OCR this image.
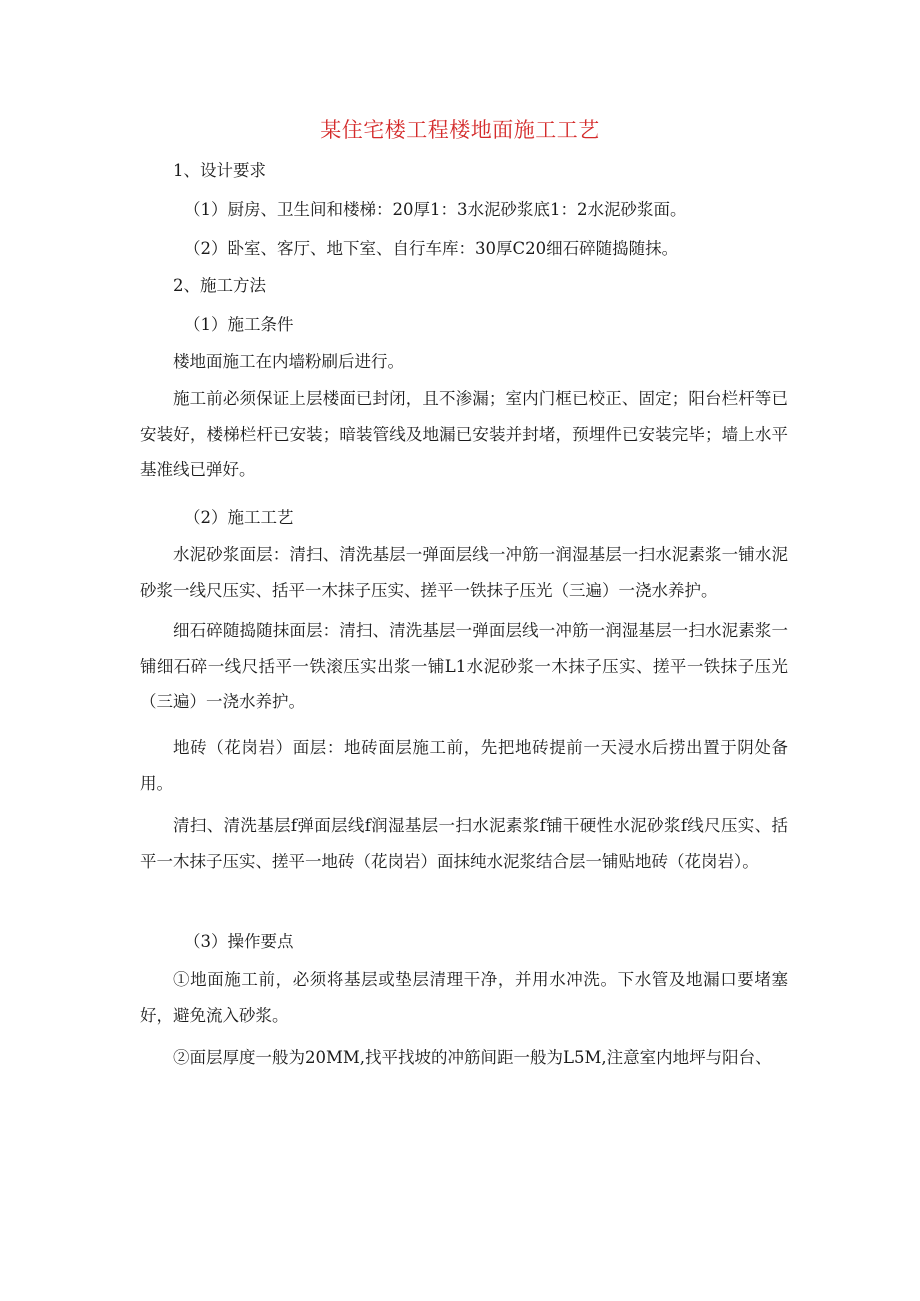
某住宅楼工程楼地面施工工艺

1、设计要求

（1）厨房、卫生间和楼梯：20厚1：3水泥砂浆底1：2水泥砂浆面。

（2）卧室、客厅、地下室、自行车库：30厚C20细石碎随捣随抹。

2、施工方法

（1）施工条件

楼地面施工在内墙粉刷后进行。

施工前必须保证上层楼面已封闭，且不渗漏；室内门框已校正、固定；阳台栏杆等已安装好，楼梯栏杆已安装；暗装管线及地漏已安装并封堵，预埋件已安装完毕；墙上水平基准线已弹好。

（2）施工工艺

水泥砂浆面层：清扫、清洗基层一弹面层线一冲筋一润湿基层一扫水泥素浆一铺水泥砂浆一线尺压实、括平一木抹子压实、搓平一铁抹子压光（三遍）一浇水养护。

细石碎随捣随抹面层：清扫、清洗基层一弹面层线一冲筋一润湿基层一扫水泥素浆一铺细石碎一线尺括平一铁滚压实出浆一铺L1水泥砂浆一木抹子压实、搓平一铁抹子压光（三遍）一浇水养护。

地砖（花岗岩）面层：地砖面层施工前，先把地砖提前一天浸水后捞出置于阴处备用。

清扫、清洗基层f弹面层线f润湿基层一扫水泥素浆f铺干硬性水泥砂浆f线尺压实、括平一木抹子压实、搓平一地砖（花岗岩）面抹纯水泥浆结合层一铺贴地砖（花岗岩）。

（3）操作要点

①地面施工前，必须将基层或垫层清理干净，并用水冲洗。下水管及地漏口要堵塞好，避免流入砂浆。

②面层厚度一般为20MM,找平找坡的冲筋间距一般为L5M,注意室内地坪与阳台、
